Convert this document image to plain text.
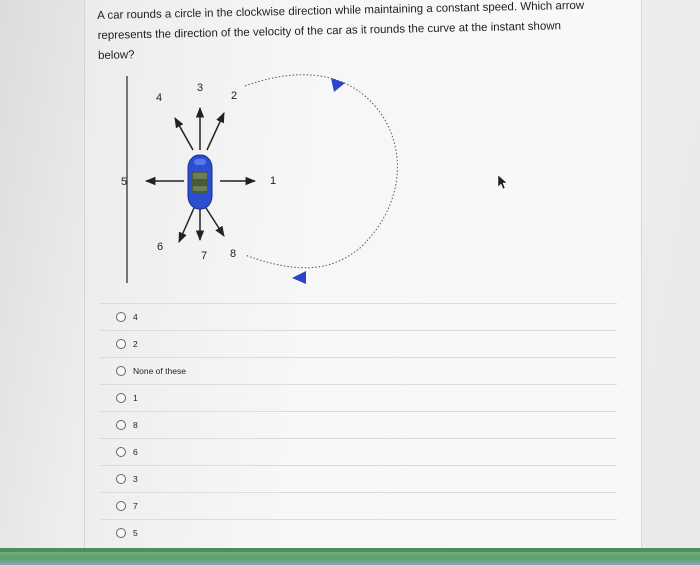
A car rounds a circle in the clockwise direction while maintaining a constant speed. Which arrow
represents the direction of the velocity of the car as it rounds the curve at the instant shown
below?
1
2
3
4
5
6
7 8
4
2
None of these
1
8
6
3
7
5
